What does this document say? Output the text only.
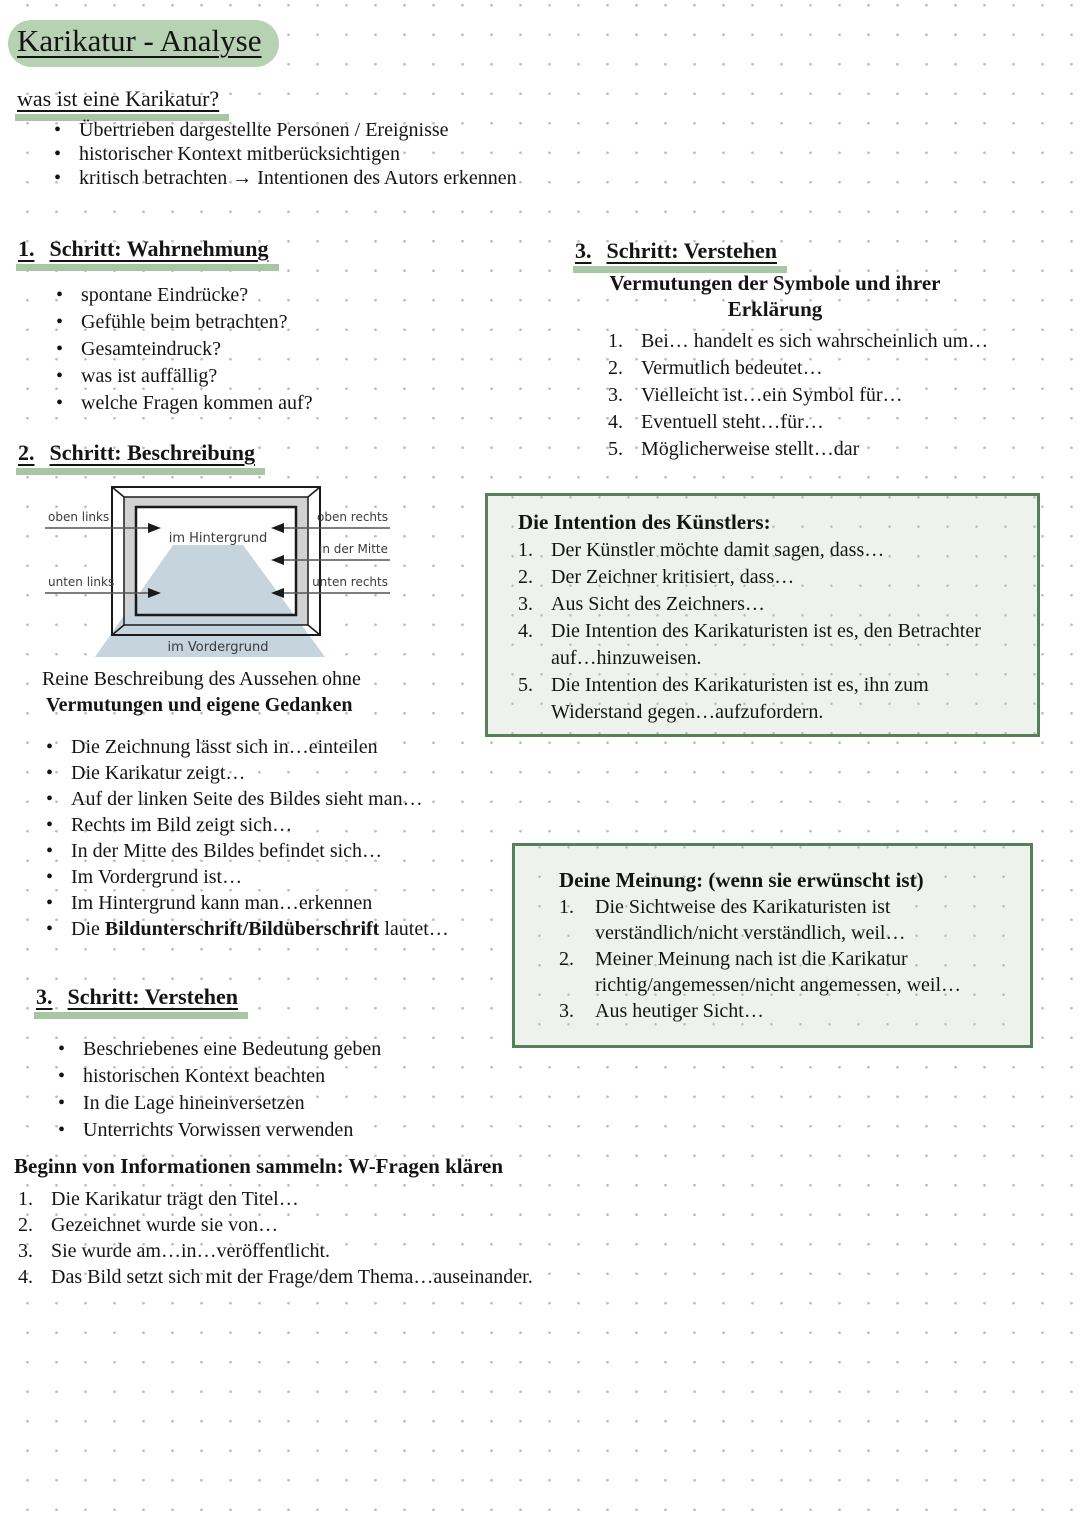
Karikatur - Analyse
was ist eine Karikatur?
• Übertrieben dargestellte Personen / Ereignisse
• historischer Kontext mitberücksichtigen
• kritisch betrachten → Intentionen des Autors erkennen
1. Schritt: Wahrnehmung
• spontane Eindrücke?
• Gefühle beim betrachten?
• Gesamteindruck?
• was ist auffällig?
• welche Fragen kommen auf?
2. Schritt: Beschreibung
oben links
unten links
oben rechts
in der Mitte
unten rechts
im Hintergrund
im Vordergrund
Reine Beschreibung des Aussehen ohne
Vermutungen und eigene Gedanken
• Die Zeichnung lässt sich in…einteilen
• Die Karikatur zeigt…
• Auf der linken Seite des Bildes sieht man…
• Rechts im Bild zeigt sich…
• In der Mitte des Bildes befindet sich…
• Im Vordergrund ist…
• Im Hintergrund kann man…erkennen
• Die Bildunterschrift/Bildüberschrift lautet…
3. Schritt: Verstehen
• Beschriebenes eine Bedeutung geben
• historischen Kontext beachten
• In die Lage hineinversetzen
• Unterrichts Vorwissen verwenden
Beginn von Informationen sammeln: W-Fragen klären
1. Die Karikatur trägt den Titel…
2. Gezeichnet wurde sie von…
3. Sie wurde am…in…veröffentlicht.
4. Das Bild setzt sich mit der Frage/dem Thema…auseinander.
3. Schritt: Verstehen
Vermutungen der Symbole und ihrer
Erklärung
1. Bei… handelt es sich wahrscheinlich um…
2. Vermutlich bedeutet…
3. Vielleicht ist…ein Symbol für…
4. Eventuell steht…für…
5. Möglicherweise stellt…dar
Die Intention des Künstlers:
1. Der Künstler möchte damit sagen, dass…
2. Der Zeichner kritisiert, dass…
3. Aus Sicht des Zeichners…
4. Die Intention des Karikaturisten ist es, den Betrachter auf…hinzuweisen.
5. Die Intention des Karikaturisten ist es, ihn zum Widerstand gegen…aufzufordern.
Deine Meinung: (wenn sie erwünscht ist)
1.	Die Sichtweise des Karikaturisten ist verständlich/nicht verständlich, weil…
2.	Meiner Meinung nach ist die Karikatur richtig/angemessen/nicht angemessen, weil…
3.	Aus heutiger Sicht…
